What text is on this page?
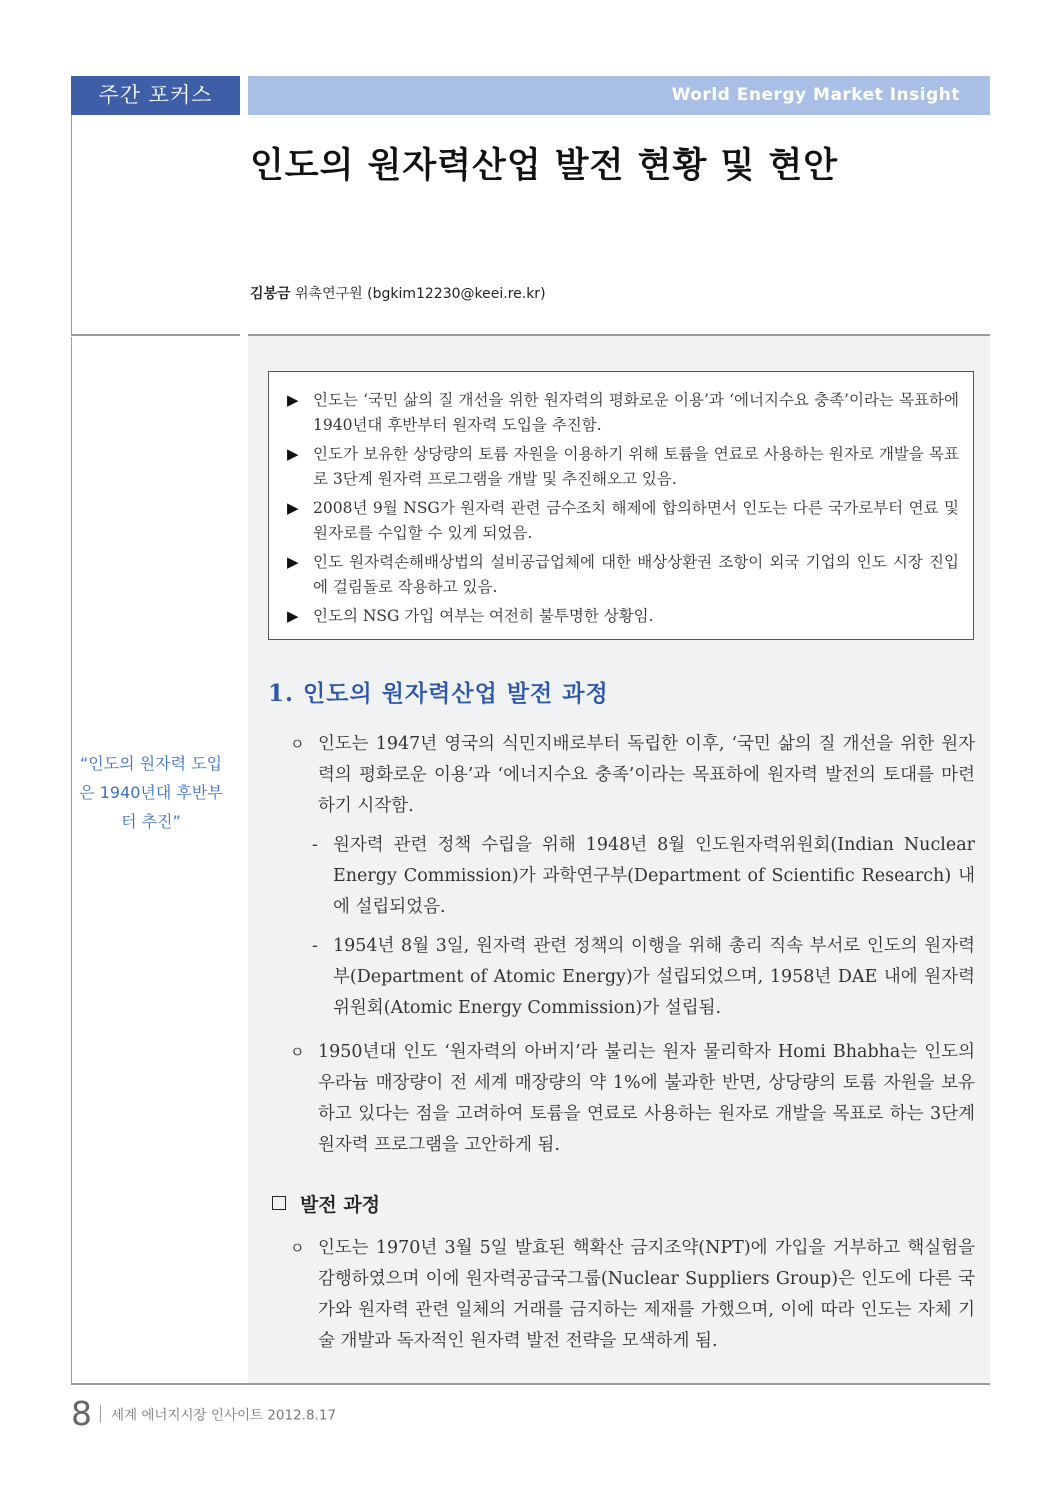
주간 포커스	World Energy Market Insight
인도의 원자력산업 발전 현황 및 현안
김봉금 위촉연구원 (bgkim12230@keei.re.kr)
▶ 인도는 ‘국민 삶의 질 개선을 위한 원자력의 평화로운 이용’과 ‘에너지수요 충족’이라는 목표하에 1940년대 후반부터 원자력 도입을 추진함.
▶ 인도가 보유한 상당량의 토륨 자원을 이용하기 위해 토륨을 연료로 사용하는 원자로 개발을 목표로 3단계 원자력 프로그램을 개발 및 추진해오고 있음.
▶ 2008년 9월 NSG가 원자력 관련 금수조치 해제에 합의하면서 인도는 다른 국가로부터 연료 및 원자로를 수입할 수 있게 되었음.
▶ 인도 원자력손해배상법의 설비공급업체에 대한 배상상환권 조항이 외국 기업의 인도 시장 진입에 걸림돌로 작용하고 있음.
▶ 인도의 NSG 가입 여부는 여전히 불투명한 상황임.
“인도의 원자력 도입은 1940년대 후반부터 추진”
1. 인도의 원자력산업 발전 과정
ㅇ 인도는 1947년 영국의 식민지배로부터 독립한 이후, ‘국민 삶의 질 개선을 위한 원자력의 평화로운 이용’과 ‘에너지수요 충족’이라는 목표하에 원자력 발전의 토대를 마련하기 시작함.
- 원자력 관련 정책 수립을 위해 1948년 8월 인도원자력위원회(Indian Nuclear Energy Commission)가 과학연구부(Department of Scientific Research) 내에 설립되었음.
- 1954년 8월 3일, 원자력 관련 정책의 이행을 위해 총리 직속 부서로 인도의 원자력부(Department of Atomic Energy)가 설립되었으며, 1958년 DAE 내에 원자력위원회(Atomic Energy Commission)가 설립됨.
ㅇ 1950년대 인도 ‘원자력의 아버지’라 불리는 원자 물리학자 Homi Bhabha는 인도의 우라늄 매장량이 전 세계 매장량의 약 1%에 불과한 반면, 상당량의 토륨 자원을 보유하고 있다는 점을 고려하여 토륨을 연료로 사용하는 원자로 개발을 목표로 하는 3단계 원자력 프로그램을 고안하게 됨.
발전 과정
ㅇ 인도는 1970년 3월 5일 발효된 핵확산 금지조약(NPT)에 가입을 거부하고 핵실험을 감행하였으며 이에 원자력공급국그룹(Nuclear Suppliers Group)은 인도에 다른 국가와 원자력 관련 일체의 거래를 금지하는 제재를 가했으며, 이에 따라 인도는 자체 기술 개발과 독자적인 원자력 발전 전략을 모색하게 됨.
8 세계 에너지시장 인사이트 2012.8.17
